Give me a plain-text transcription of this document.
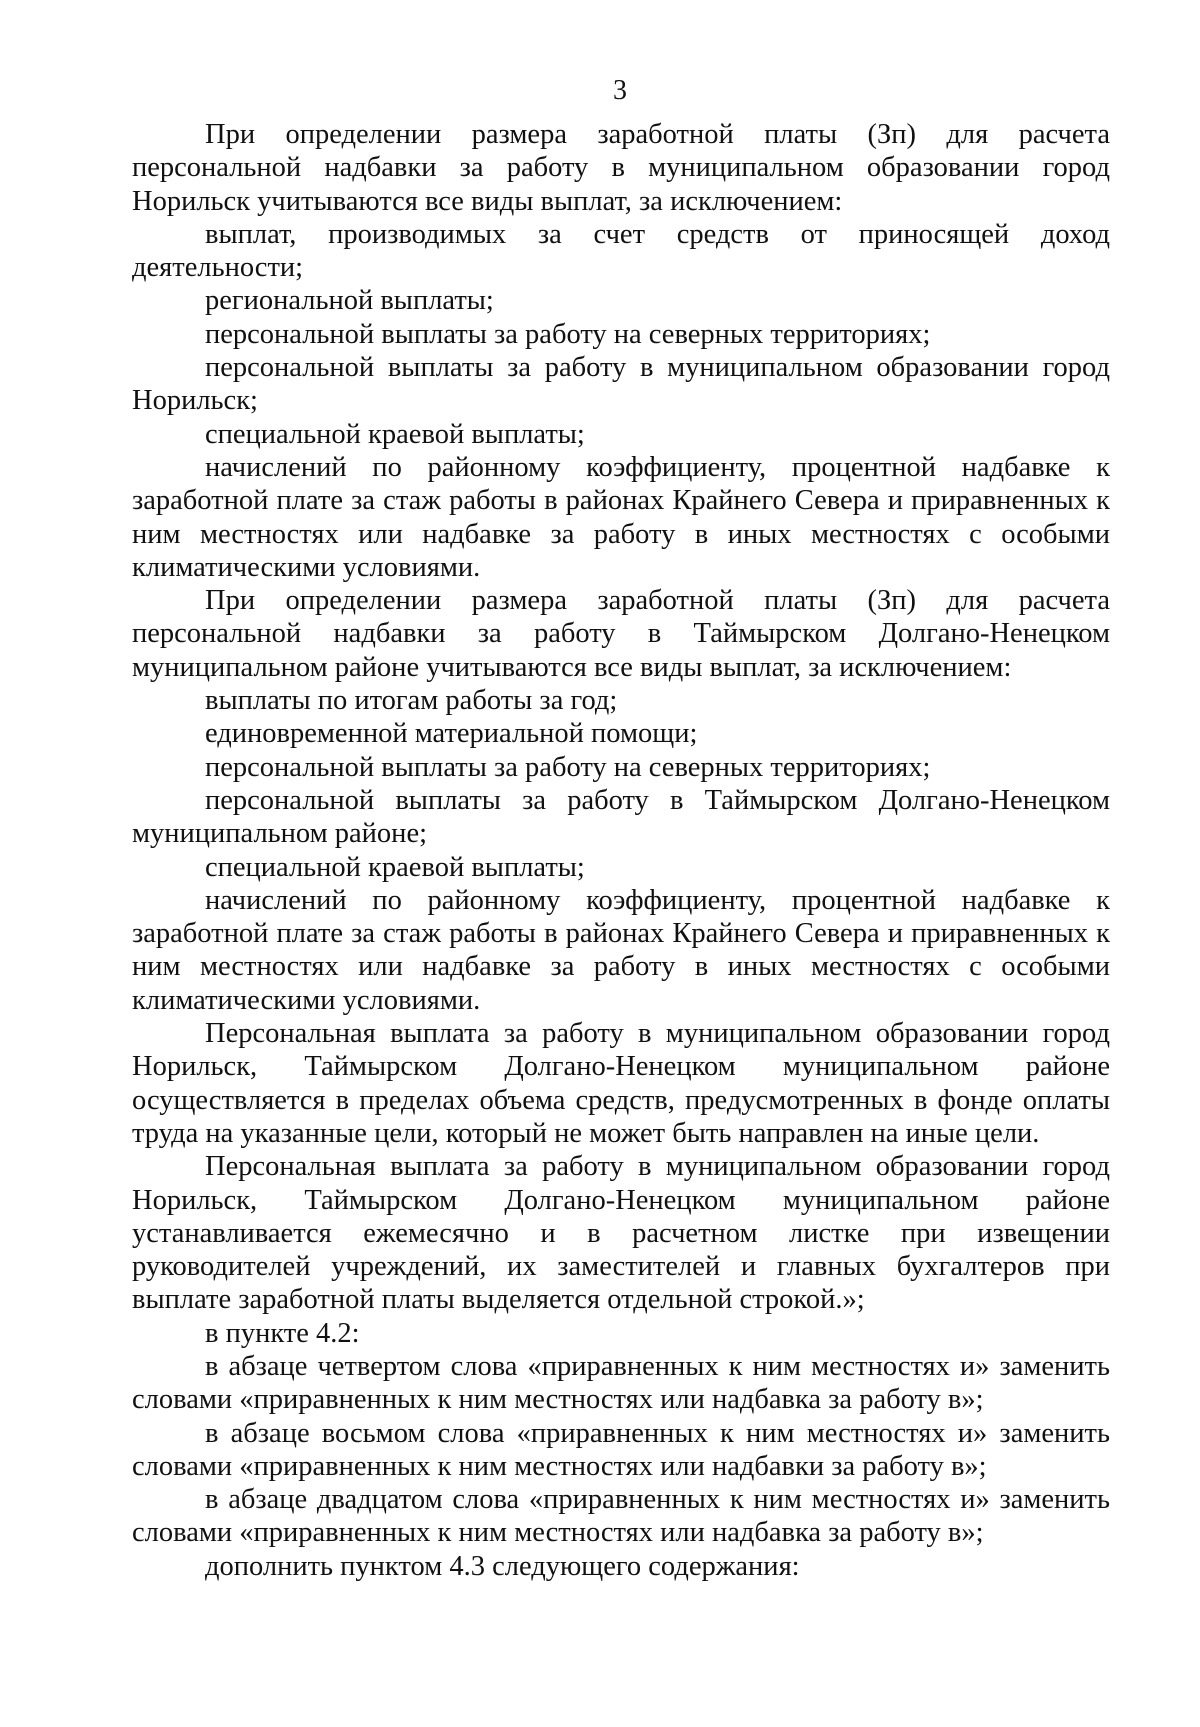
3

При определении размера заработной платы (Зп) для расчета персональной надбавки за работу в муниципальном образовании город Норильск учитываются все виды выплат, за исключением:

выплат, производимых за счет средств от приносящей доход деятельности;

региональной выплаты;

персональной выплаты за работу на северных территориях;

персональной выплаты за работу в муниципальном образовании город Норильск;

специальной краевой выплаты;

начислений по районному коэффициенту, процентной надбавке к заработной плате за стаж работы в районах Крайнего Севера и приравненных к ним местностях или надбавке за работу в иных местностях с особыми климатическими условиями.

При определении размера заработной платы (Зп) для расчета персональной надбавки за работу в Таймырском Долгано-Ненецком муниципальном районе учитываются все виды выплат, за исключением:

выплаты по итогам работы за год;

единовременной материальной помощи;

персональной выплаты за работу на северных территориях;

персональной выплаты за работу в Таймырском Долгано-Ненецком муниципальном районе;

специальной краевой выплаты;

начислений по районному коэффициенту, процентной надбавке к заработной плате за стаж работы в районах Крайнего Севера и приравненных к ним местностях или надбавке за работу в иных местностях с особыми климатическими условиями.

Персональная выплата за работу в муниципальном образовании город Норильск, Таймырском Долгано-Ненецком муниципальном районе осуществляется в пределах объема средств, предусмотренных в фонде оплаты труда на указанные цели, который не может быть направлен на иные цели.

Персональная выплата за работу в муниципальном образовании город Норильск, Таймырском Долгано-Ненецком муниципальном районе устанавливается ежемесячно и в расчетном листке при извещении руководителей учреждений, их заместителей и главных бухгалтеров при выплате заработной платы выделяется отдельной строкой.»;

в пункте 4.2:

в абзаце четвертом слова «приравненных к ним местностях и» заменить словами «приравненных к ним местностях или надбавка за работу в»;

в абзаце восьмом слова «приравненных к ним местностях и» заменить словами «приравненных к ним местностях или надбавки за работу в»;

в абзаце двадцатом слова «приравненных к ним местностях и» заменить словами «приравненных к ним местностях или надбавка за работу в»;

дополнить пунктом 4.3 следующего содержания:
